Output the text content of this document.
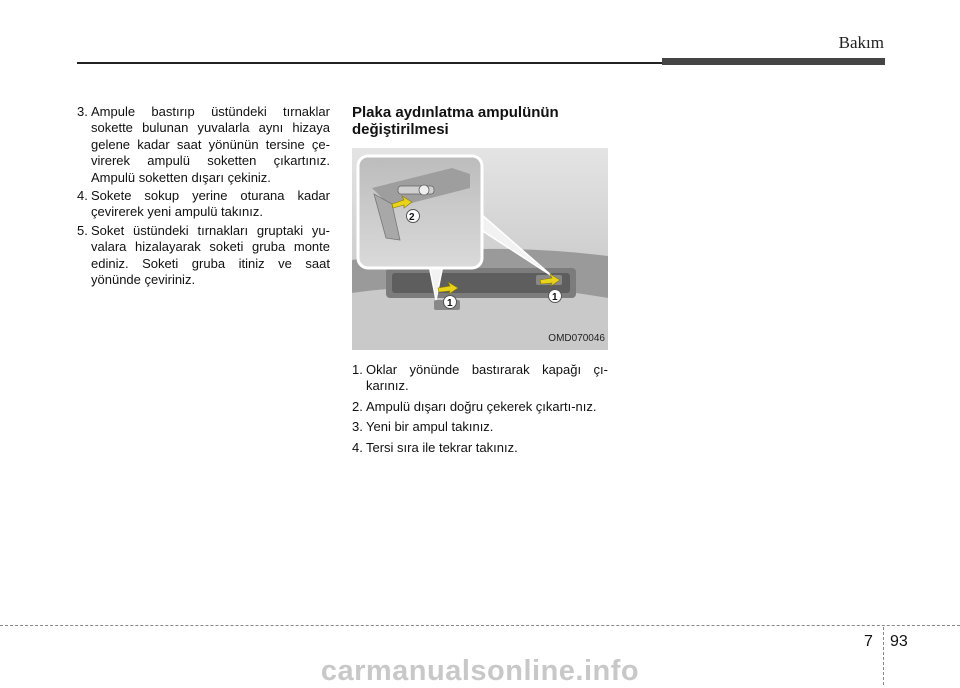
Bakım
3. Ampule bastırıp üstündeki tırnaklar sokette bulunan yuvalarla aynı hizaya gelene kadar saat yönünün tersine çe-virerek ampulü soketten çıkartınız. Ampulü soketten dışarı çekiniz.
4. Sokete sokup yerine oturana kadar çevirerek yeni ampulü takınız.
5. Soket üstündeki tırnakları gruptaki yu-valara hizalayarak soketi gruba monte ediniz. Soketi gruba itiniz ve saat yönünde çeviriniz.
Plaka aydınlatma ampulünün değiştirilmesi
2
1
1
OMD070046
1. Oklar yönünde bastırarak kapağı çı-karınız.
2. Ampulü dışarı doğru çekerek çıkartı-nız.
3. Yeni bir ampul takınız.
4. Tersi sıra ile tekrar takınız.
7 93
carmanualsonline.info
